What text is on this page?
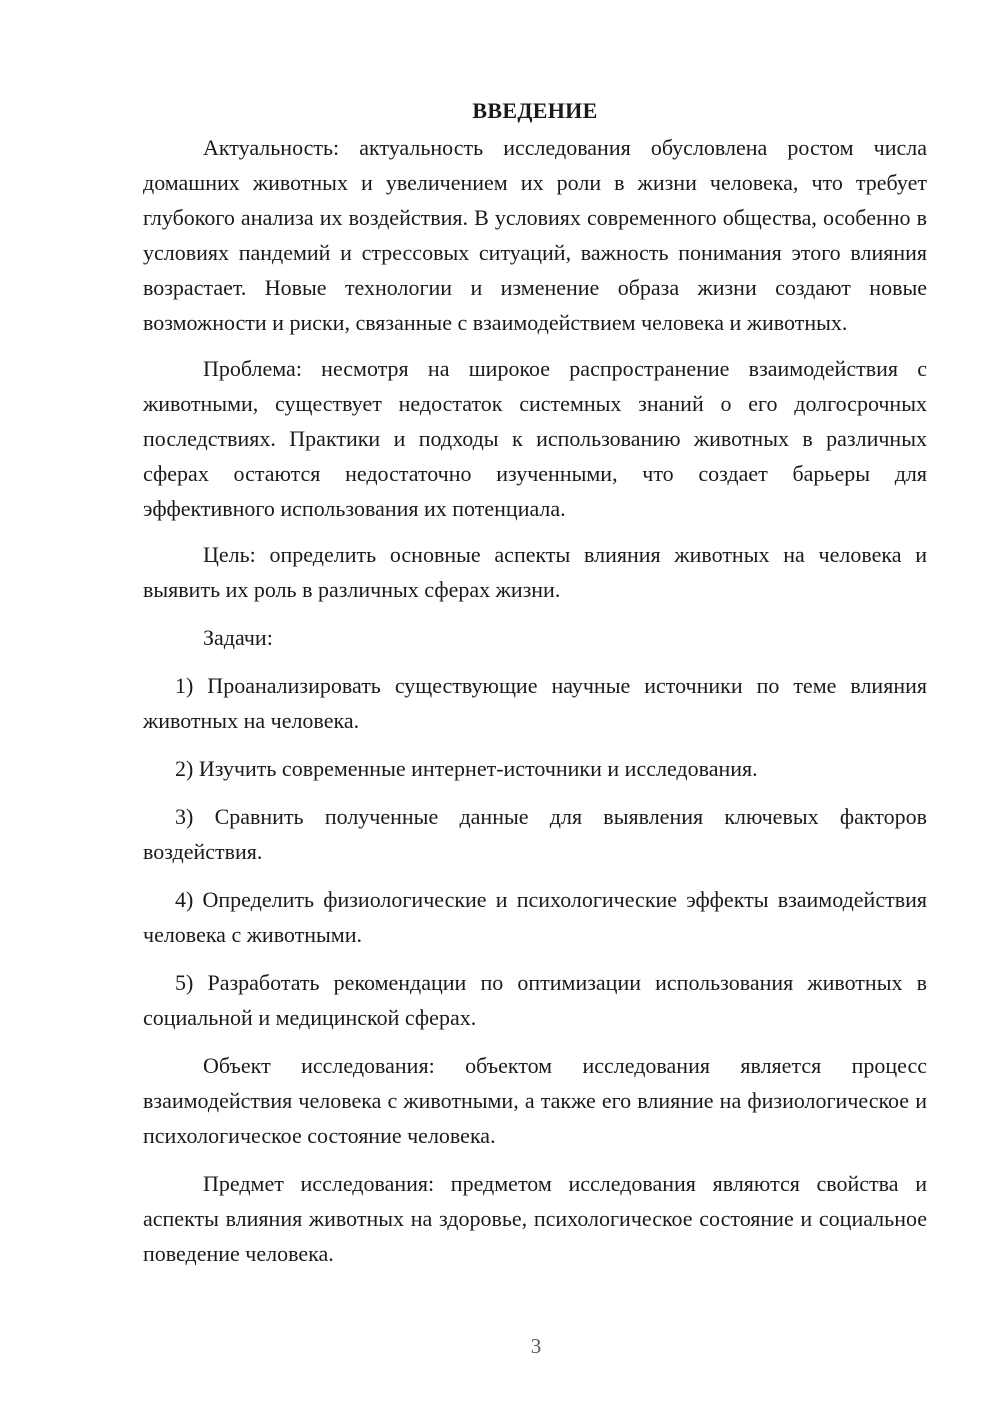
ВВЕДЕНИЕ

Актуальность: актуальность исследования обусловлена ростом числа домашних животных и увеличением их роли в жизни человека, что требует глубокого анализа их воздействия. В условиях современного общества, особенно в условиях пандемий и стрессовых ситуаций, важность понимания этого влияния возрастает. Новые технологии и изменение образа жизни создают новые возможности и риски, связанные с взаимодействием человека и животных.

Проблема: несмотря на широкое распространение взаимодействия с животными, существует недостаток системных знаний о его долгосрочных последствиях. Практики и подходы к использованию животных в различных сферах остаются недостаточно изученными, что создает барьеры для эффективного использования их потенциала.

Цель: определить основные аспекты влияния животных на человека и выявить их роль в различных сферах жизни.

Задачи:

1) Проанализировать существующие научные источники по теме влияния животных на человека.

2) Изучить современные интернет-источники и исследования.

3) Сравнить полученные данные для выявления ключевых факторов воздействия.

4) Определить физиологические и психологические эффекты взаимодействия человека с животными.

5) Разработать рекомендации по оптимизации использования животных в социальной и медицинской сферах.

Объект исследования: объектом исследования является процесс взаимодействия человека с животными, а также его влияние на физиологическое и психологическое состояние человека.

Предмет исследования: предметом исследования являются свойства и аспекты влияния животных на здоровье, психологическое состояние и социальное поведение человека.

3
